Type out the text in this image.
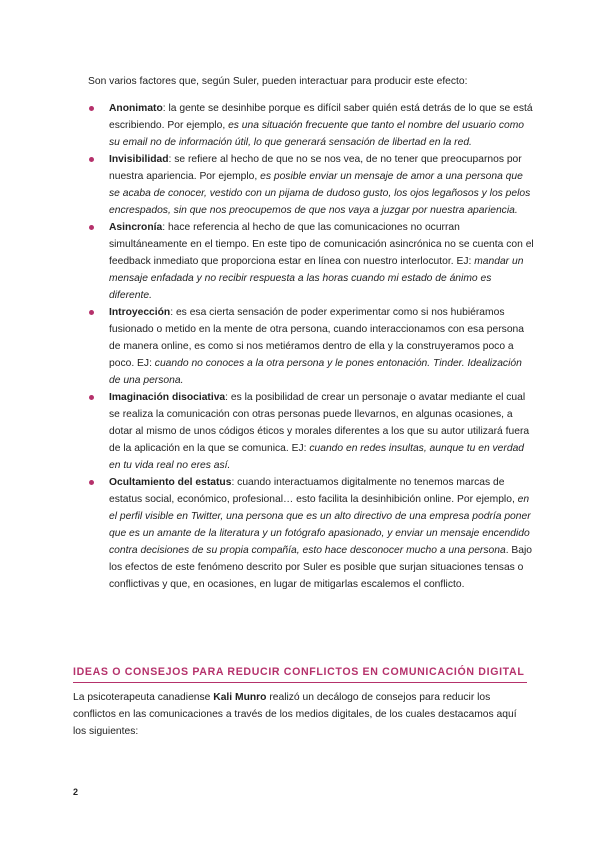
Son varios factores que, según Suler, pueden interactuar para producir este efecto:

Anonimato: la gente se desinhibe porque es difícil saber quién está detrás de lo que se está escribiendo. Por ejemplo, es una situación frecuente que tanto el nombre del usuario como su email no de información útil, lo que generará sensación de libertad en la red.
Invisibilidad: se refiere al hecho de que no se nos vea, de no tener que preocuparnos por nuestra apariencia. Por ejemplo, es posible enviar un mensaje de amor a una persona que se acaba de conocer, vestido con un pijama de dudoso gusto, los ojos legañosos y los pelos encrespados, sin que nos preocupemos de que nos vaya a juzgar por nuestra apariencia.
Asincronía: hace referencia al hecho de que las comunicaciones no ocurran simultáneamente en el tiempo. En este tipo de comunicación asincrónica no se cuenta con el feedback inmediato que proporciona estar en línea con nuestro interlocutor. EJ: mandar un mensaje enfadada y no recibir respuesta a las horas cuando mi estado de ánimo es diferente.
Introyección: es esa cierta sensación de poder experimentar como si nos hubiéramos fusionado o metido en la mente de otra persona, cuando interaccionamos con esa persona de manera online, es como si nos metiéramos dentro de ella y la construyeramos poco a poco. EJ: cuando no conoces a la otra persona y le pones entonación. Tinder. Idealización de una persona.
Imaginación disociativa: es la posibilidad de crear un personaje o avatar mediante el cual se realiza la comunicación con otras personas puede llevarnos, en algunas ocasiones, a dotar al mismo de unos códigos éticos y morales diferentes a los que su autor utilizará fuera de la aplicación en la que se comunica. EJ: cuando en redes insultas, aunque tu en verdad en tu vida real no eres así.
Ocultamiento del estatus: cuando interactuamos digitalmente no tenemos marcas de estatus social, económico, profesional… esto facilita la desinhibición online. Por ejemplo, en el perfil visible en Twitter, una persona que es un alto directivo de una empresa podría poner que es un amante de la literatura y un fotógrafo apasionado, y enviar un mensaje encendido contra decisiones de su propia compañía, esto hace desconocer mucho a una persona. Bajo los efectos de este fenómeno descrito por Suler es posible que surjan situaciones tensas o conflictivas y que, en ocasiones, en lugar de mitigarlas escalemos el conflicto.
IDEAS O CONSEJOS PARA REDUCIR CONFLICTOS EN COMUNICACIÓN DIGITAL

La psicoterapeuta canadiense Kali Munro realizó un decálogo de consejos para reducir los conflictos en las comunicaciones a través de los medios digitales, de los cuales destacamos aquí los siguientes:

2
